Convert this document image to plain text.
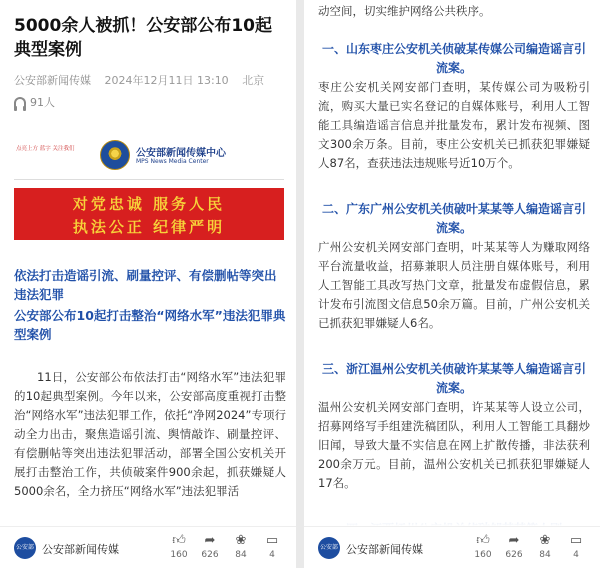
5000余人被抓！公安部公布10起典型案例
公安部新闻传媒 2024年12月11日 13:10 北京
91人
点亮上方 蓝字 关注我们	公安部新闻传媒中心
MPS News Media Center
对党忠诚 服务人民
执法公正 纪律严明
依法打击造谣引流、刷量控评、有偿删帖等突出违法犯罪
公安部公布10起打击整治“网络水军”违法犯罪典型案例
11日，公安部公布依法打击“网络水军”违法犯罪的10起典型案例。今年以来，公安部高度重视打击整治“网络水军”违法犯罪工作，依托“净网2024”专项行动全力出击，聚焦造谣引流、舆情敲诈、刷量控评、有偿删帖等突出违法犯罪活动，部署全国公安机关开展打击整治工作，共侦破案件900余起，抓获嫌疑人5000余名，全力挤压“网络水军”违法犯罪活
公安部 公安部新闻传媒
👍︎
160
➦
626
❀
84
▭
4
动空间，切实维护网络公共秩序。
一、山东枣庄公安机关侦破某传媒公司编造谣言引流案。
枣庄公安机关网安部门查明，某传媒公司为吸粉引流，购买大量已实名登记的自媒体账号，利用人工智能工具编造谣言信息并批量发布，累计发布视频、图文300余万条。目前，枣庄公安机关已抓获犯罪嫌疑人87名，查获违法违规账号近10万个。
二、广东广州公安机关侦破叶某某等人编造谣言引流案。
广州公安机关网安部门查明，叶某某等人为赚取网络平台流量收益，招募兼职人员注册自媒体账号，利用人工智能工具改写热门文章，批量发布虚假信息，累计发布引流图文信息50余万篇。目前，广州公安机关已抓获犯罪嫌疑人6名。
三、浙江温州公安机关侦破许某某等人编造谣言引流案。
温州公安机关网安部门查明，许某某等人设立公司，招募网络写手组建洗稿团队，利用人工智能工具翻炒旧闻，导致大量不实信息在网上扩散传播，非法获利200余万元。目前，温州公安机关已抓获犯罪嫌疑人17名。
公安部 公安部新闻传媒
👍︎
160
➦
626
❀
84
▭
4
